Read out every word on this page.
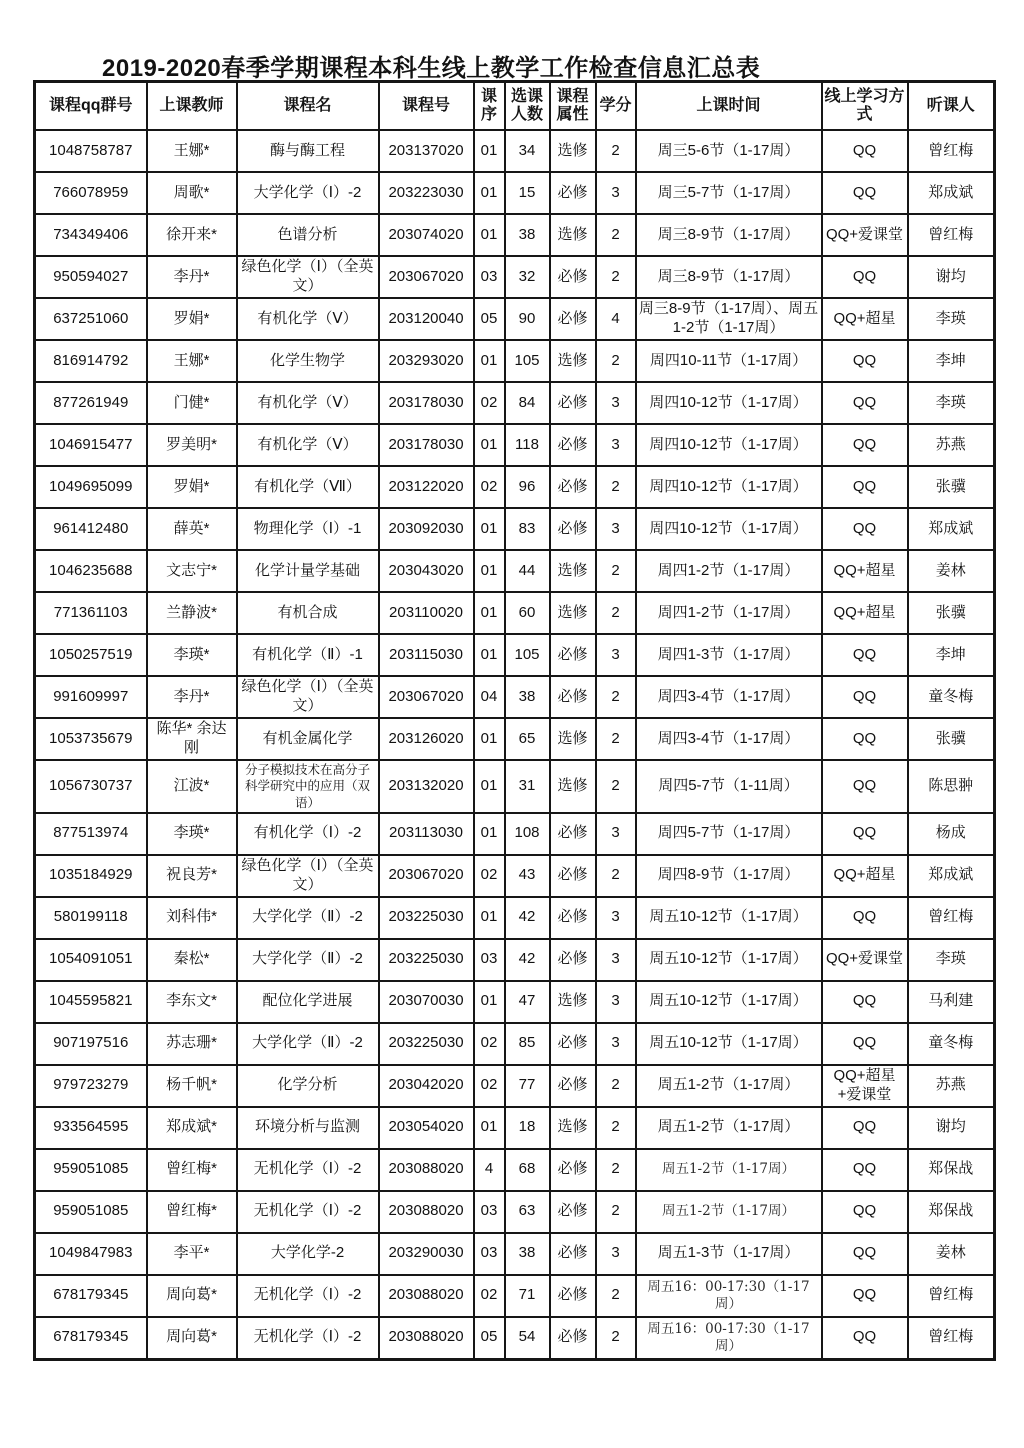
2019-2020春季学期课程本科生线上教学工作检查信息汇总表
课程qq群号	上课教师	课程名	课程号	课序	选课人数	课程属性	学分	上课时间	线上学习方式	听课人
1048758787	王娜*	酶与酶工程	203137020	01	34	选修	2	周三5-6节（1-17周）	QQ	曾红梅
766078959	周歌*	大学化学（Ⅰ）-2	203223030	01	15	必修	3	周三5-7节（1-17周）	QQ	郑成斌
734349406	徐开来*	色谱分析	203074020	01	38	选修	2	周三8-9节（1-17周）	QQ+爱课堂	曾红梅
950594027	李丹*	绿色化学（Ⅰ）（全英文）	203067020	03	32	必修	2	周三8-9节（1-17周）	QQ	谢均
637251060	罗娟*	有机化学（Ⅴ）	203120040	05	90	必修	4	周三8-9节（1-17周）、周五1-2节（1-17周）	QQ+超星	李瑛
816914792	王娜*	化学生物学	203293020	01	105	选修	2	周四10-11节（1-17周）	QQ	李坤
877261949	门健*	有机化学（Ⅴ）	203178030	02	84	必修	3	周四10-12节（1-17周）	QQ	李瑛
1046915477	罗美明*	有机化学（Ⅴ）	203178030	01	118	必修	3	周四10-12节（1-17周）	QQ	苏燕
1049695099	罗娟*	有机化学（Ⅶ）	203122020	02	96	必修	2	周四10-12节（1-17周）	QQ	张骥
961412480	薛英*	物理化学（Ⅰ）-1	203092030	01	83	必修	3	周四10-12节（1-17周）	QQ	郑成斌
1046235688	文志宁*	化学计量学基础	203043020	01	44	选修	2	周四1-2节（1-17周）	QQ+超星	姜林
771361103	兰静波*	有机合成	203110020	01	60	选修	2	周四1-2节（1-17周）	QQ+超星	张骥
1050257519	李瑛*	有机化学（Ⅱ）-1	203115030	01	105	必修	3	周四1-3节（1-17周）	QQ	李坤
991609997	李丹*	绿色化学（Ⅰ）（全英文）	203067020	04	38	必修	2	周四3-4节（1-17周）	QQ	童冬梅
1053735679	陈华* 余达刚	有机金属化学	203126020	01	65	选修	2	周四3-4节（1-17周）	QQ	张骥
1056730737	江波*	分子模拟技术在高分子科学研究中的应用（双语）	203132020	01	31	选修	2	周四5-7节（1-11周）	QQ	陈思翀
877513974	李瑛*	有机化学（Ⅰ）-2	203113030	01	108	必修	3	周四5-7节（1-17周）	QQ	杨成
1035184929	祝良芳*	绿色化学（Ⅰ）（全英文）	203067020	02	43	必修	2	周四8-9节（1-17周）	QQ+超星	郑成斌
580199118	刘科伟*	大学化学（Ⅱ）-2	203225030	01	42	必修	3	周五10-12节（1-17周）	QQ	曾红梅
1054091051	秦松*	大学化学（Ⅱ）-2	203225030	03	42	必修	3	周五10-12节（1-17周）	QQ+爱课堂	李瑛
1045595821	李东文*	配位化学进展	203070030	01	47	选修	3	周五10-12节（1-17周）	QQ	马利建
907197516	苏志珊*	大学化学（Ⅱ）-2	203225030	02	85	必修	3	周五10-12节（1-17周）	QQ	童冬梅
979723279	杨千帆*	化学分析	203042020	02	77	必修	2	周五1-2节（1-17周）	QQ+超星+爱课堂	苏燕
933564595	郑成斌*	环境分析与监测	203054020	01	18	选修	2	周五1-2节（1-17周）	QQ	谢均
959051085	曾红梅*	无机化学（Ⅰ）-2	203088020	4	68	必修	2	周五1-2节（1-17周）	QQ	郑保战
959051085	曾红梅*	无机化学（Ⅰ）-2	203088020	03	63	必修	2	周五1-2节（1-17周）	QQ	郑保战
1049847983	李平*	大学化学-2	203290030	03	38	必修	3	周五1-3节（1-17周）	QQ	姜林
678179345	周向葛*	无机化学（Ⅰ）-2	203088020	02	71	必修	2	周五16：00-17:30（1-17周）	QQ	曾红梅
678179345	周向葛*	无机化学（Ⅰ）-2	203088020	05	54	必修	2	周五16：00-17:30（1-17周）	QQ	曾红梅
